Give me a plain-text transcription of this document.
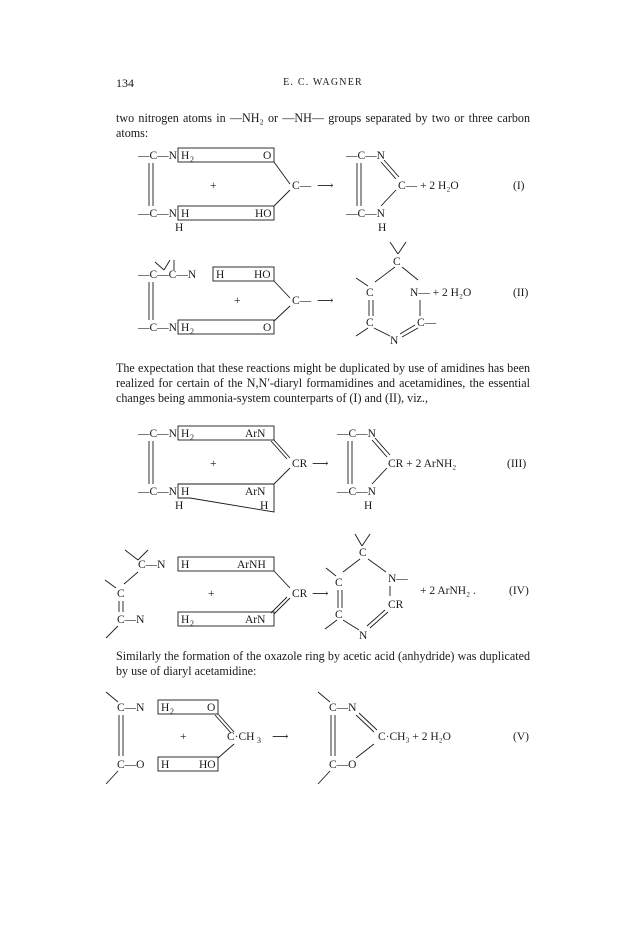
134	E. C. WAGNER

two nitrogen atoms in —NH₂ or —NH— groups separated by two or three carbon atoms:

—C—N H 2	O
+	C— ⟶
—C—N H	HO
H
—C—N
C— + 2 H₂O
—C—N
H
(I)
—C—C—N H	HO
+	C— ⟶
—C—N H 2	O
C
C	N— + 2 H₂O
C	C—
N
(II)

The expectation that these reactions might be duplicated by use of amidines has been realized for certain of the N,N′-diaryl formamidines and acetamidines, the essential changes being ammonia-system counterparts of (I) and (II), viz.,

—C—N H 2	ArN
+	CR ⟶
—C—N H	ArN
H	H
—C—N
CR + 2 ArNH₂
—C—N
H
(III)
C—N H	ArNH
C	+	CR ⟶
C—N	H 2	ArN
C
C	N—
+ 2 ArNH₂ .
C
CR
N
(IV)

Similarly the formation of the oxazole ring by acetic acid (anhydride) was duplicated by use of diaryl acetamidine:

C—N H 2	O
+	C·CH 3 ⟶
C—O H	HO
C—N
C·CH₃ + 2 H₂O
C—O
(V)
